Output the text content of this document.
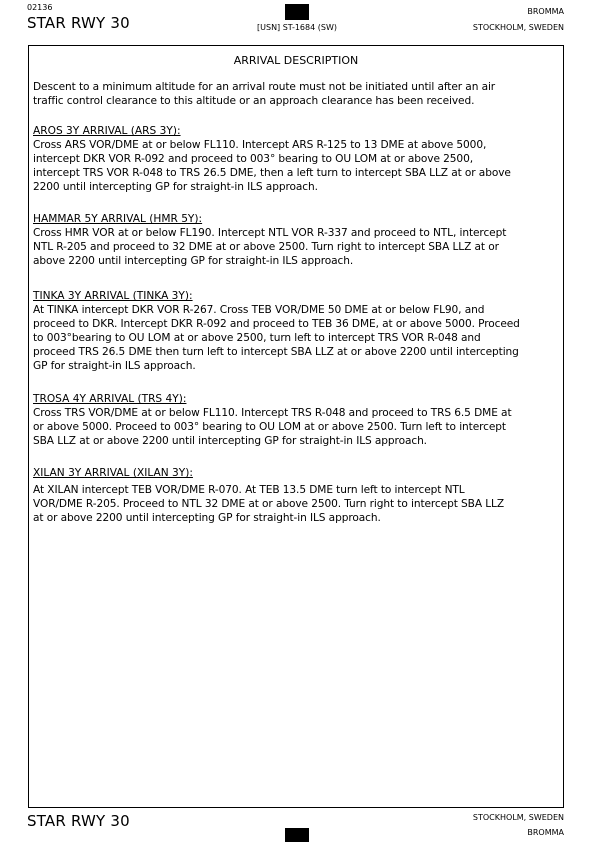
02136
STAR RWY 30	[USN] ST-1684 (SW)
BROMMA
STOCKHOLM, SWEDEN
ARRIVAL DESCRIPTION
Descent to a minimum altitude for an arrival route must not be initiated until after an air
traffic control clearance to this altitude or an approach clearance has been received.
AROS 3Y ARRIVAL (ARS 3Y):
Cross ARS VOR/DME at or below FL110. Intercept ARS R-125 to 13 DME at above 5000,
intercept DKR VOR R-092 and proceed to 003° bearing to OU LOM at or above 2500,
intercept TRS VOR R-048 to TRS 26.5 DME, then a left turn to intercept SBA LLZ at or above
2200 until intercepting GP for straight-in ILS approach.
HAMMAR 5Y ARRIVAL (HMR 5Y):
Cross HMR VOR at or below FL190. Intercept NTL VOR R-337 and proceed to NTL, intercept
NTL R-205 and proceed to 32 DME at or above 2500. Turn right to intercept SBA LLZ at or
above 2200 until intercepting GP for straight-in ILS approach.
TINKA 3Y ARRIVAL (TINKA 3Y):
At TINKA intercept DKR VOR R-267. Cross TEB VOR/DME 50 DME at or below FL90, and
proceed to DKR. Intercept DKR R-092 and proceed to TEB 36 DME, at or above 5000. Proceed
to 003°bearing to OU LOM at or above 2500, turn left to intercept TRS VOR R-048 and
proceed TRS 26.5 DME then turn left to intercept SBA LLZ at or above 2200 until intercepting
GP for straight-in ILS approach.
TROSA 4Y ARRIVAL (TRS 4Y):
Cross TRS VOR/DME at or below FL110. Intercept TRS R-048 and proceed to TRS 6.5 DME at
or above 5000. Proceed to 003° bearing to OU LOM at or above 2500. Turn left to intercept
SBA LLZ at or above 2200 until intercepting GP for straight-in ILS approach.
XILAN 3Y ARRIVAL (XILAN 3Y):
At XILAN intercept TEB VOR/DME R-070. At TEB 13.5 DME turn left to intercept NTL
VOR/DME R-205. Proceed to NTL 32 DME at or above 2500. Turn right to intercept SBA LLZ
at or above 2200 until intercepting GP for straight-in ILS approach.
STAR RWY 30	STOCKHOLM, SWEDEN
BROMMA
